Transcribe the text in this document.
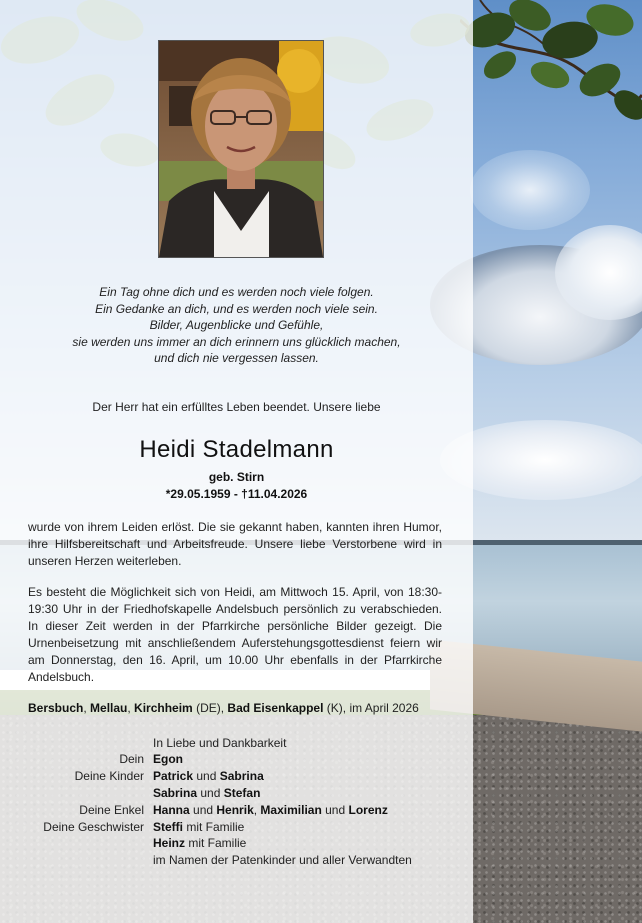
Ein Tag ohne dich und es werden noch viele folgen.
Ein Gedanke an dich, und es werden noch viele sein.
Bilder, Augenblicke und Gefühle,
sie werden uns immer an dich erinnern uns glücklich machen,
und dich nie vergessen lassen.
Der Herr hat ein erfülltes Leben beendet. Unsere liebe
Heidi Stadelmann
geb. Stirn
*29.05.1959 - †11.04.2026
wurde von ihrem Leiden erlöst. Die sie gekannt haben, kannten ihren Humor, ihre Hilfsbereitschaft und Arbeitsfreude. Unsere liebe Verstorbene wird in unseren Herzen weiterleben.
Es besteht die Möglichkeit sich von Heidi, am Mittwoch 15. April, von 18:30-19:30 Uhr in der Friedhofskapelle Andelsbuch persönlich zu verabschieden. In dieser Zeit werden in der Pfarrkirche persönliche Bilder gezeigt. Die Urnenbeisetzung mit anschließendem Auferstehungsgottesdienst feiern wir am Donnerstag, den 16. April, um 10.00 Uhr ebenfalls in der Pfarrkirche Andelsbuch.
Bersbuch, Mellau, Kirchheim (DE), Bad Eisenkappel (K), im April 2026
In Liebe und Dankbarkeit
Dein Egon
Deine Kinder Patrick und Sabrina
Sabrina und Stefan
Deine Enkel Hanna und Henrik, Maximilian und Lorenz
Deine Geschwister Steffi mit Familie
Heinz mit Familie
im Namen der Patenkinder und aller Verwandten
